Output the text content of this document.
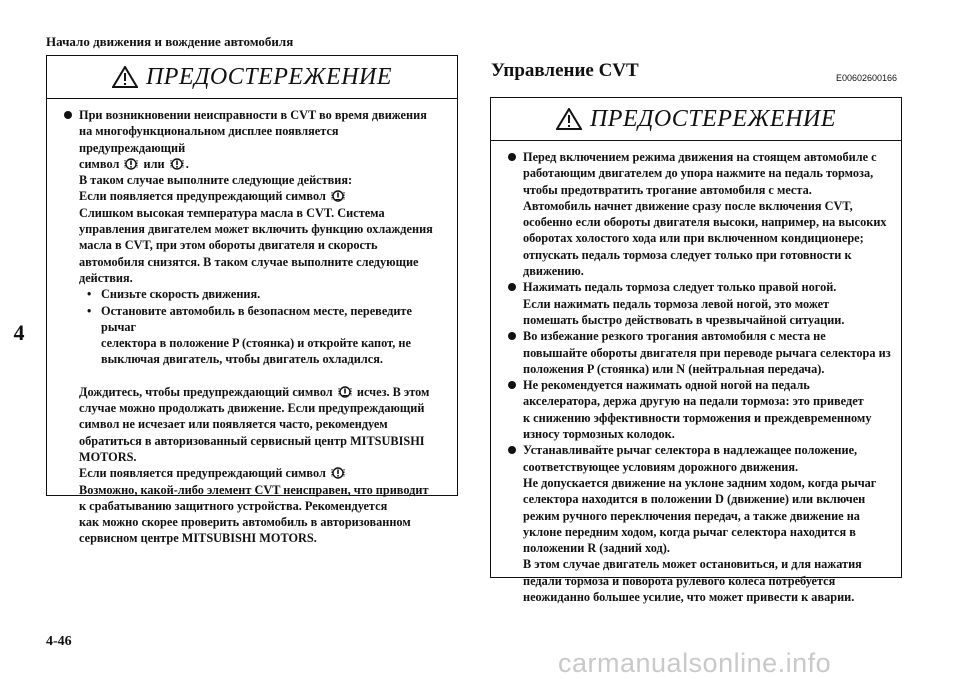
Начало движения и вождение автомобиля
4
ПРЕДОСТЕРЕЖЕНИЕ

При возникновении неисправности в CVT во время движения

на многофункциональном дисплее появляется предупреждающий

символ или .

В таком случае выполните следующие действия:

Если появляется предупреждающий символ

Слишком высокая температура масла в CVT. Система

управления двигателем может включить функцию охлаждения

масла в CVT, при этом обороты двигателя и скорость

автомобиля снизятся. В таком случае выполните следующие

действия.

• Снизьте скорость движения.

• Остановите автомобиль в безопасном месте, переведите рычаг

селектора в положение P (стоянка) и откройте капот, не

выключая двигатель, чтобы двигатель охладился.

Дождитесь, чтобы предупреждающий символ исчез. В этом

случае можно продолжать движение. Если предупреждающий

символ не исчезает или появляется часто, рекомендуем

обратиться в авторизованный сервисный центр MITSUBISHI

MOTORS.

Если появляется предупреждающий символ

Возможно, какой-либо элемент CVT неисправен, что приводит

к срабатыванию защитного устройства. Рекомендуется

как можно скорее проверить автомобиль в авторизованном

сервисном центре MITSUBISHI MOTORS.

Управление CVT	E00602600166
ПРЕДОСТЕРЕЖЕНИЕ

Перед включением режима движения на стоящем автомобиле с

работающим двигателем до упора нажмите на педаль тормоза,

чтобы предотвратить трогание автомобиля с места.

Автомобиль начнет движение сразу после включения CVT,

особенно если обороты двигателя высоки, например, на высоких

оборотах холостого хода или при включенном кондиционере;

отпускать педаль тормоза следует только при готовности к

движению.

Нажимать педаль тормоза следует только правой ногой.

Если нажимать педаль тормоза левой ногой, это может

помешать быстро действовать в чрезвычайной ситуации.

Во избежание резкого трогания автомобиля с места не

повышайте обороты двигателя при переводе рычага селектора из

положения P (стоянка) или N (нейтральная передача).

Не рекомендуется нажимать одной ногой на педаль

акселератора, держа другую на педали тормоза: это приведет

к снижению эффективности торможения и преждевременному

износу тормозных колодок.

Устанавливайте рычаг селектора в надлежащее положение,

соответствующее условиям дорожного движения.

Не допускается движение на уклоне задним ходом, когда рычаг

селектора находится в положении D (движение) или включен

режим ручного переключения передач, а также движение на

уклоне передним ходом, когда рычаг селектора находится в

положении R (задний ход).

В этом случае двигатель может остановиться, и для нажатия

педали тормоза и поворота рулевого колеса потребуется

неожиданно большее усилие, что может привести к аварии.

4-46
carmanualsonline.info
